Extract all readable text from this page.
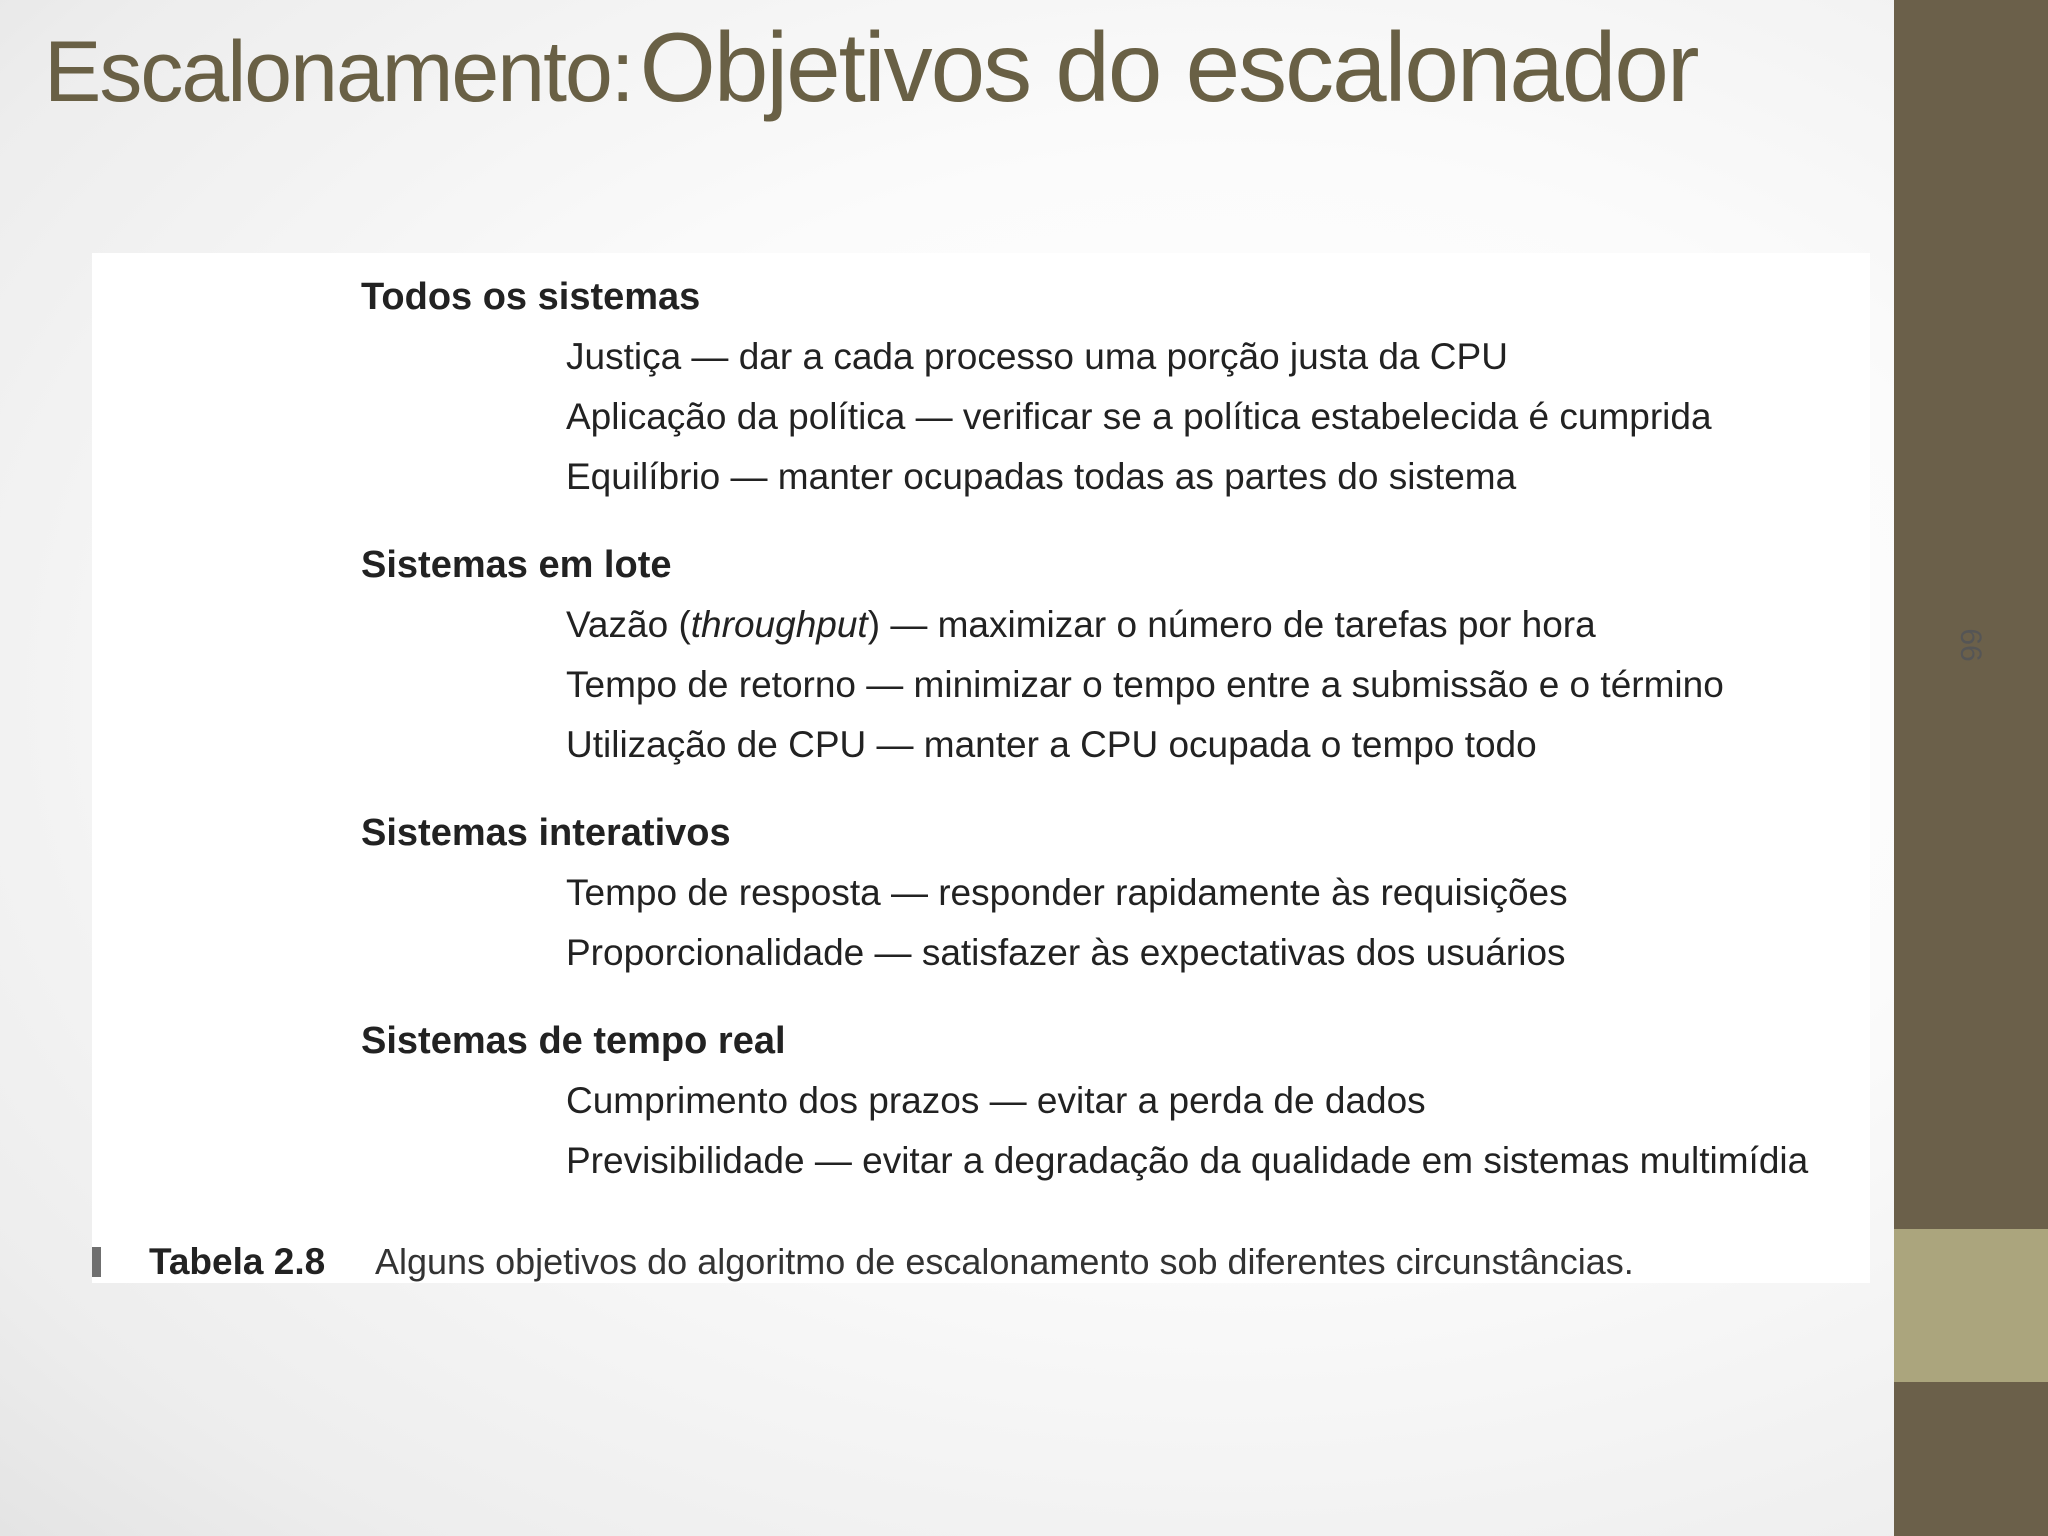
66
Escalonamento: Objetivos do escalonador
Todos os sistemas
Justiça — dar a cada processo uma porção justa da CPU
Aplicação da política — verificar se a política estabelecida é cumprida
Equilíbrio — manter ocupadas todas as partes do sistema
Sistemas em lote
Vazão (throughput) — maximizar o número de tarefas por hora
Tempo de retorno — minimizar o tempo entre a submissão e o término
Utilização de CPU — manter a CPU ocupada o tempo todo
Sistemas interativos
Tempo de resposta — responder rapidamente às requisições
Proporcionalidade — satisfazer às expectativas dos usuários
Sistemas de tempo real
Cumprimento dos prazos — evitar a perda de dados
Previsibilidade — evitar a degradação da qualidade em sistemas multimídia
Tabela 2.8 Alguns objetivos do algoritmo de escalonamento sob diferentes circunstâncias.
